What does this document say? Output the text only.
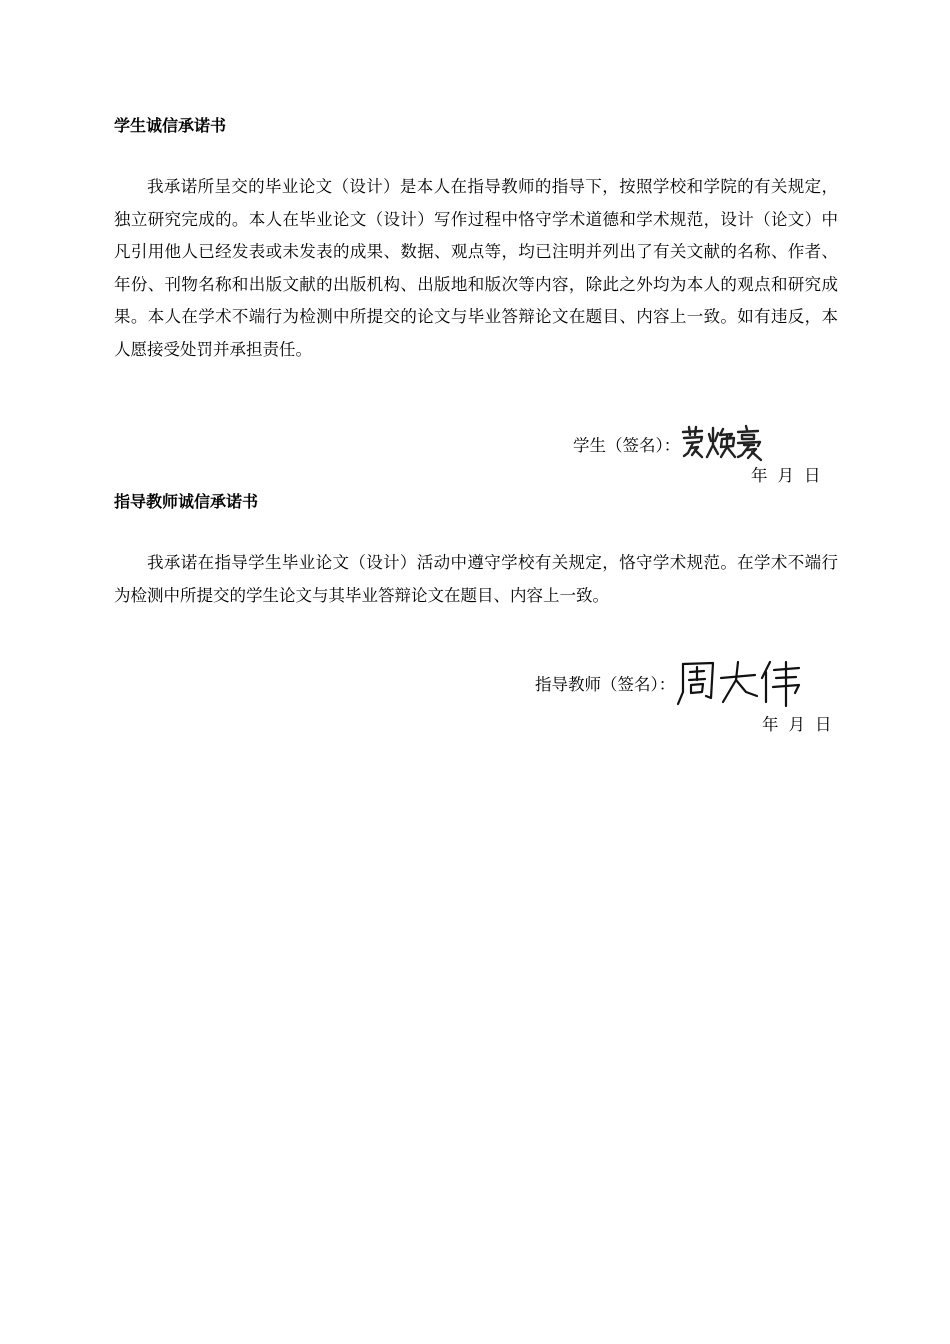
学生诚信承诺书
我承诺所呈交的毕业论文（设计）是本人在指导教师的指导下，按照学校和学院的有关规定，独立研究完成的。本人在毕业论文（设计）写作过程中恪守学术道德和学术规范，设计（论文）中凡引用他人已经发表或未发表的成果、数据、观点等，均已注明并列出了有关文献的名称、作者、年份、刊物名称和出版文献的出版机构、出版地和版次等内容，除此之外均为本人的观点和研究成果。本人在学术不端行为检测中所提交的论文与毕业答辩论文在题目、内容上一致。如有违反，本人愿接受处罚并承担责任。
学生（签名）：
年 月 日
指导教师诚信承诺书
我承诺在指导学生毕业论文（设计）活动中遵守学校有关规定，恪守学术规范。在学术不端行为检测中所提交的学生论文与其毕业答辩论文在题目、内容上一致。
指导教师（签名）：
年 月 日
